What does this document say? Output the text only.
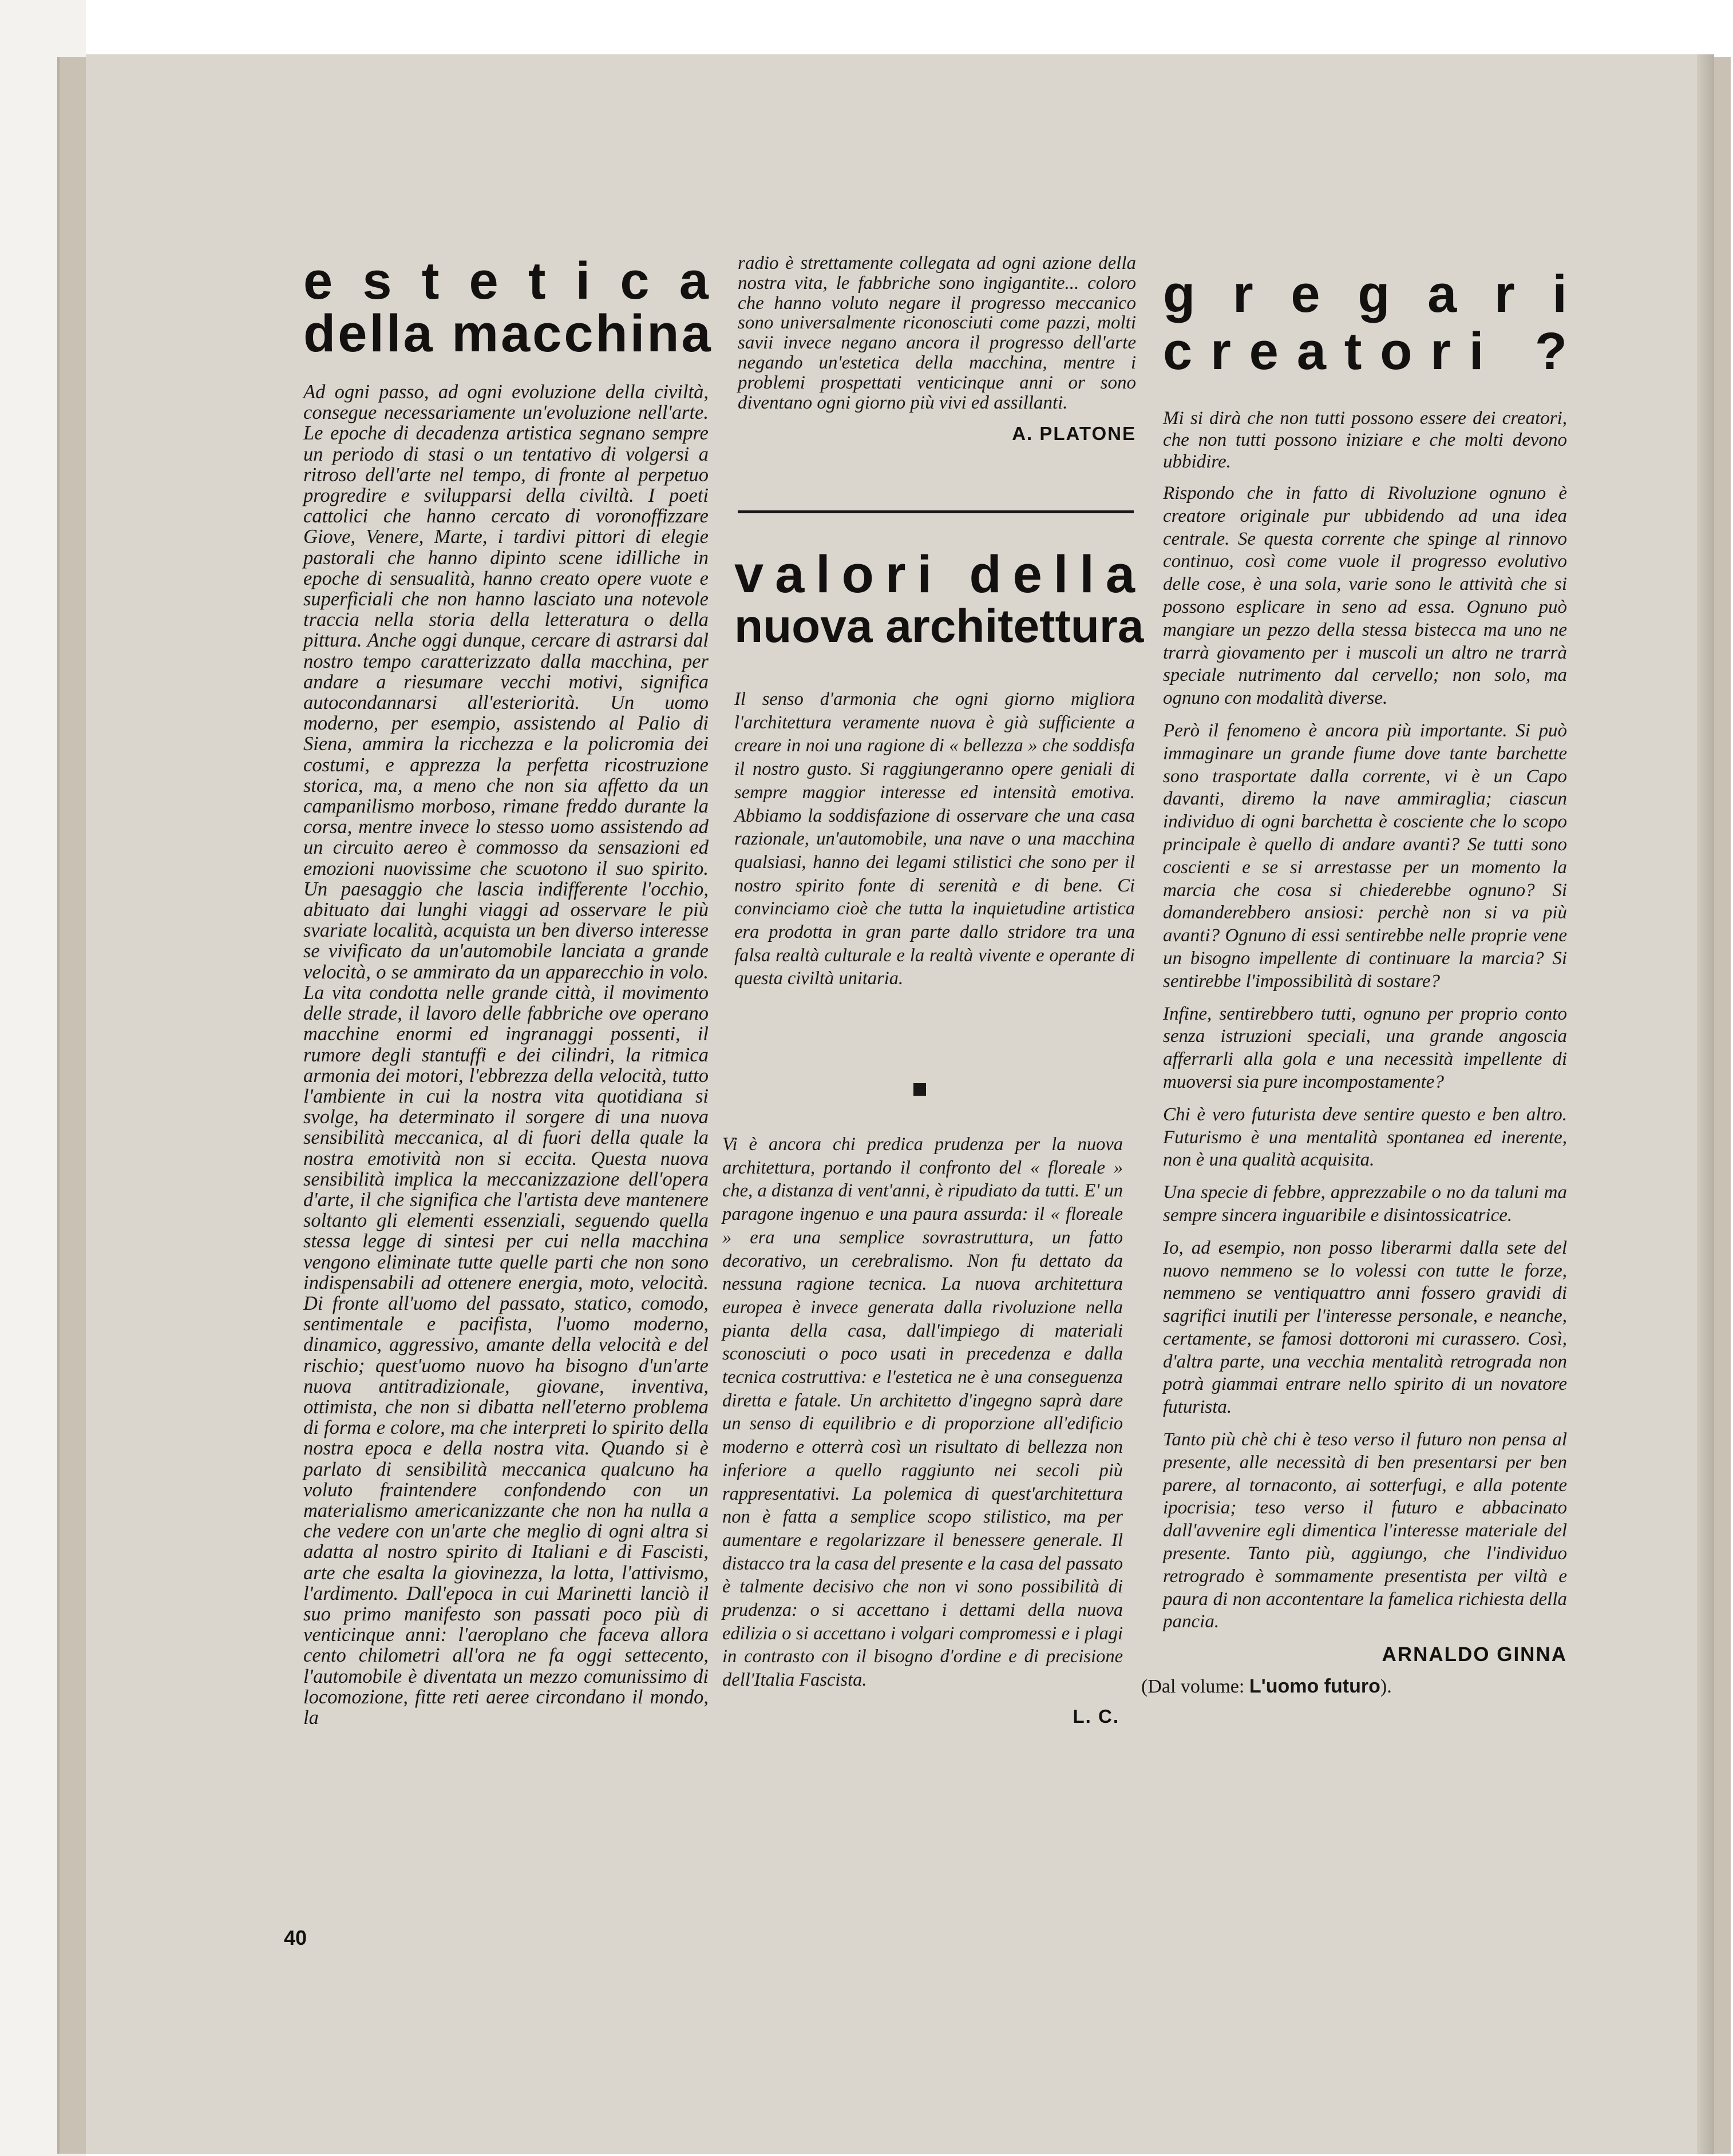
e s t e t i c a
della macchina

Ad ogni passo, ad ogni evoluzione della civiltà, consegue necessariamente un'evoluzione nell'arte. Le epoche di decadenza artistica segnano sempre un periodo di stasi o un tentativo di volgersi a ritroso dell'arte nel tempo, di fronte al perpetuo progredire e svilupparsi della civiltà. I poeti cattolici che hanno cercato di voronoffizzare Giove, Venere, Marte, i tardivi pittori di elegie pastorali che hanno dipinto scene idilliche in epoche di sensualità, hanno creato opere vuote e superficiali che non hanno lasciato una notevole traccia nella storia della letteratura o della pittura. Anche oggi dunque, cercare di astrarsi dal nostro tempo caratterizzato dalla macchina, per andare a riesumare vecchi motivi, significa autocondannarsi all'esteriorità. Un uomo moderno, per esempio, assistendo al Palio di Siena, ammira la ricchezza e la policromia dei costumi, e apprezza la perfetta ricostruzione storica, ma, a meno che non sia affetto da un campanilismo morboso, rimane freddo durante la corsa, mentre invece lo stesso uomo assistendo ad un circuito aereo è commosso da sensazioni ed emozioni nuovissime che scuotono il suo spirito. Un paesaggio che lascia indifferente l'occhio, abituato dai lunghi viaggi ad osservare le più svariate località, acquista un ben diverso interesse se vivificato da un'automobile lanciata a grande velocità, o se ammirato da un apparecchio in volo. La vita condotta nelle grande città, il movimento delle strade, il lavoro delle fabbriche ove operano macchine enormi ed ingranaggi possenti, il rumore degli stantuffi e dei cilindri, la ritmica armonia dei motori, l'ebbrezza della velocità, tutto l'ambiente in cui la nostra vita quotidiana si svolge, ha determinato il sorgere di una nuova sensibilità meccanica, al di fuori della quale la nostra emotività non si eccita. Questa nuova sensibilità implica la meccanizzazione dell'opera d'arte, il che significa che l'artista deve mantenere soltanto gli elementi essenziali, seguendo quella stessa legge di sintesi per cui nella macchina vengono eliminate tutte quelle parti che non sono indispensabili ad ottenere energia, moto, velocità. Di fronte all'uomo del passato, statico, comodo, sentimentale e pacifista, l'uomo moderno, dinamico, aggressivo, amante della velocità e del rischio; quest'uomo nuovo ha bisogno d'un'arte nuova antitradizionale, giovane, inventiva, ottimista, che non si dibatta nell'eterno problema di forma e colore, ma che interpreti lo spirito della nostra epoca e della nostra vita. Quando si è parlato di sensibilità meccanica qualcuno ha voluto fraintendere confondendo con un materialismo americanizzante che non ha nulla a che vedere con un'arte che meglio di ogni altra si adatta al nostro spirito di Italiani e di Fascisti, arte che esalta la giovinezza, la lotta, l'attivismo, l'ardimento. Dall'epoca in cui Marinetti lanciò il suo primo manifesto son passati poco più di venticinque anni: l'aeroplano che faceva allora cento chilometri all'ora ne fa oggi settecento, l'automobile è diventata un mezzo comunissimo di locomozione, fitte reti aeree circondano il mondo, la

radio è strettamente collegata ad ogni azione della nostra vita, le fabbriche sono ingigantite... coloro che hanno voluto negare il progresso meccanico sono universalmente riconosciuti come pazzi, molti savii invece negano ancora il progresso dell'arte negando un'estetica della macchina, mentre i problemi prospettati venticinque anni or sono diventano ogni giorno più vivi ed assillanti.

A. PLATONE
v a l o r i
d e l l a
nuova architettura

Il senso d'armonia che ogni giorno migliora l'architettura veramente nuova è già sufficiente a creare in noi una ragione di « bellezza » che soddisfa il nostro gusto. Si raggiungeranno opere geniali di sempre maggior interesse ed intensità emotiva. Abbiamo la soddisfazione di osservare che una casa razionale, un'automobile, una nave o una macchina qualsiasi, hanno dei legami stilistici che sono per il nostro spirito fonte di serenità e di bene. Ci convinciamo cioè che tutta la inquietudine artistica era prodotta in gran parte dallo stridore tra una falsa realtà culturale e la realtà vivente e operante di questa civiltà unitaria.

Vi è ancora chi predica prudenza per la nuova architettura, portando il confronto del « floreale » che, a distanza di vent'anni, è ripudiato da tutti. E' un paragone ingenuo e una paura assurda: il « floreale » era una semplice sovrastruttura, un fatto decorativo, un cerebralismo. Non fu dettato da nessuna ragione tecnica. La nuova architettura europea è invece generata dalla rivoluzione nella pianta della casa, dall'impiego di materiali sconosciuti o poco usati in precedenza e dalla tecnica costruttiva: e l'estetica ne è una conseguenza diretta e fatale. Un architetto d'ingegno saprà dare un senso di equilibrio e di proporzione all'edificio moderno e otterrà così un risultato di bellezza non inferiore a quello raggiunto nei secoli più rappresentativi. La polemica di quest'architettura non è fatta a semplice scopo stilistico, ma per aumentare e regolarizzare il benessere generale. Il distacco tra la casa del presente e la casa del passato è talmente decisivo che non vi sono possibilità di prudenza: o si accettano i dettami della nuova edilizia o si accettano i volgari compromessi e i plagi in contrasto con il bisogno d'ordine e di precisione dell'Italia Fascista.

L. C.
g r e g a r i
c r e a t o r i
?

Mi si dirà che non tutti possono essere dei creatori, che non tutti possono iniziare e che molti devono ubbidire.

Rispondo che in fatto di Rivoluzione ognuno è creatore originale pur ubbidendo ad una idea centrale. Se questa corrente che spinge al rinnovo continuo, così come vuole il progresso evolutivo delle cose, è una sola, varie sono le attività che si possono esplicare in seno ad essa. Ognuno può mangiare un pezzo della stessa bistecca ma uno ne trarrà giovamento per i muscoli un altro ne trarrà speciale nutrimento dal cervello; non solo, ma ognuno con modalità diverse.

Però il fenomeno è ancora più importante. Si può immaginare un grande fiume dove tante barchette sono trasportate dalla corrente, vi è un Capo davanti, diremo la nave ammiraglia; ciascun individuo di ogni barchetta è cosciente che lo scopo principale è quello di andare avanti? Se tutti sono coscienti e se si arrestasse per un momento la marcia che cosa si chiederebbe ognuno? Si domanderebbero ansiosi: perchè non si va più avanti? Ognuno di essi sentirebbe nelle proprie vene un bisogno impellente di continuare la marcia? Si sentirebbe l'impossibilità di sostare?

Infine, sentirebbero tutti, ognuno per proprio conto senza istruzioni speciali, una grande angoscia afferrarli alla gola e una necessità impellente di muoversi sia pure incompostamente?

Chi è vero futurista deve sentire questo e ben altro. Futurismo è una mentalità spontanea ed inerente, non è una qualità acquisita.

Una specie di febbre, apprezzabile o no da taluni ma sempre sincera inguaribile e disintossicatrice.

Io, ad esempio, non posso liberarmi dalla sete del nuovo nemmeno se lo volessi con tutte le forze, nemmeno se ventiquattro anni fossero gravidi di sagrifici inutili per l'interesse personale, e neanche, certamente, se famosi dottoroni mi curassero. Così, d'altra parte, una vecchia mentalità retrograda non potrà giammai entrare nello spirito di un novatore futurista.

Tanto più chè chi è teso verso il futuro non pensa al presente, alle necessità di ben presentarsi per ben parere, al tornaconto, ai sotterfugi, e alla potente ipocrisia; teso verso il futuro e abbacinato dall'avvenire egli dimentica l'interesse materiale del presente. Tanto più, aggiungo, che l'individuo retrogrado è sommamente presentista per viltà e paura di non accontentare la famelica richiesta della pancia.

ARNALDO GINNA
(Dal volume: L'uomo futuro).
40
